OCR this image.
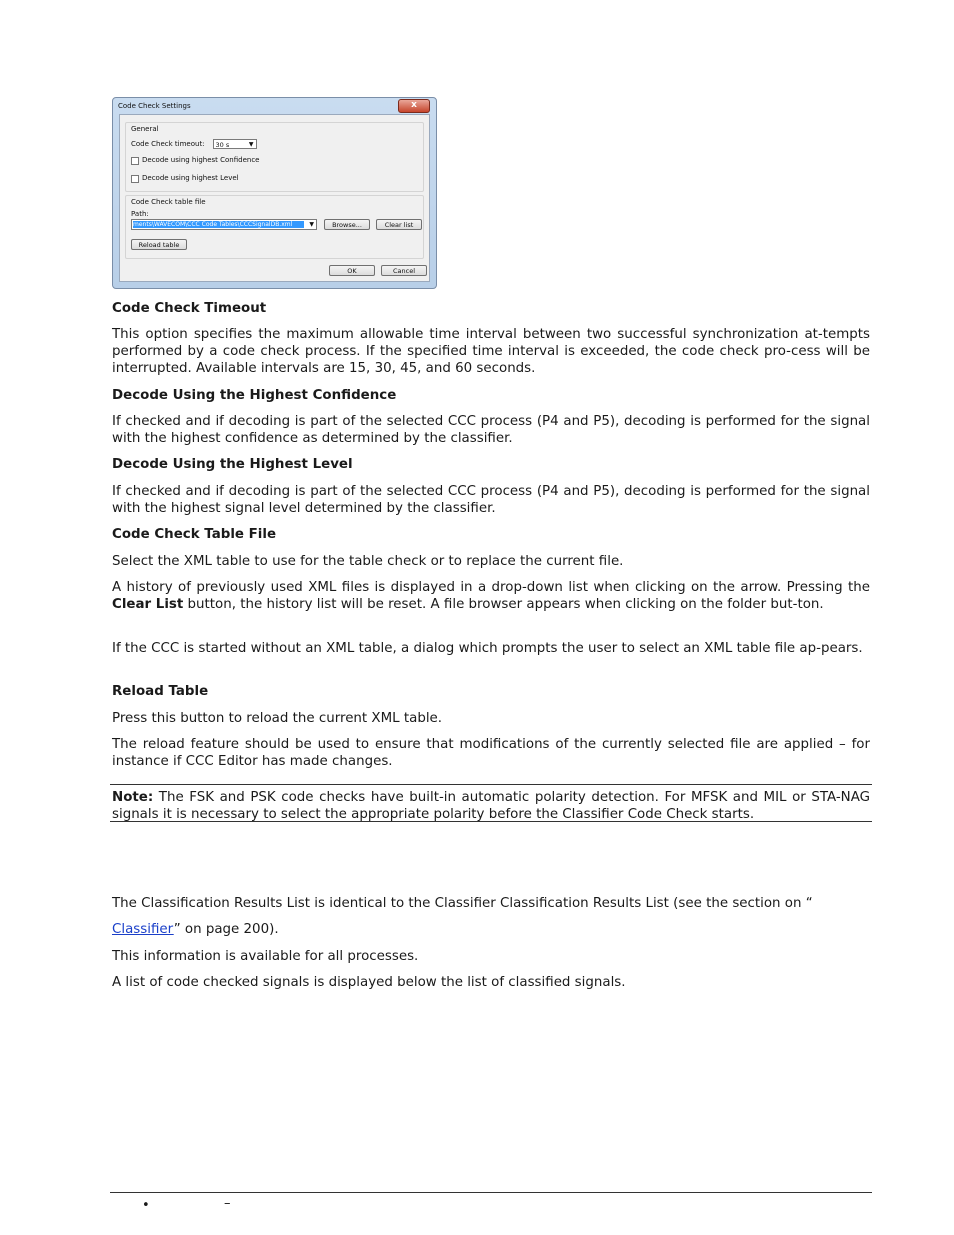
Code Check Settings	x
General
Code Check timeout:	30 s	▼
Decode using highest Confidence
Decode using highest Level
Code Check table file
Path:
ments\WAVECOM\CCC Code Tables\CCCSignalDB.xml	▼	Browse...	Clear list
Reload table
OK	Cancel
Code Check Timeout

This option specifies the maximum allowable time interval between two successful synchronization at-tempts performed by a code check process. If the specified time interval is exceeded, the code check pro-cess will be interrupted. Available intervals are 15, 30, 45, and 60 seconds.

Decode Using the Highest Confidence

If checked and if decoding is part of the selected CCC process (P4 and P5), decoding is performed for the signal with the highest confidence as determined by the classifier.

Decode Using the Highest Level

If checked and if decoding is part of the selected CCC process (P4 and P5), decoding is performed for the signal with the highest signal level determined by the classifier.

Code Check Table File

Select the XML table to use for the table check or to replace the current file.

A history of previously used XML files is displayed in a drop-down list when clicking on the arrow. Pressing the Clear List button, the history list will be reset. A file browser appears when clicking on the folder but-ton.

If the CCC is started without an XML table, a dialog which prompts the user to select an XML table file ap-pears.

Reload Table

Press this button to reload the current XML table.

The reload feature should be used to ensure that modifications of the currently selected file are applied – for instance if CCC Editor has made changes.

The Classification Results List is identical to the Classifier Classification Results List (see the section on “

Classifier” on page 200).

This information is available for all processes.

A list of code checked signals is displayed below the list of classified signals.

Note: The FSK and PSK code checks have built-in automatic polarity detection. For MFSK and MIL or STA-NAG signals it is necessary to select the appropriate polarity before the Classifier Code Check starts.
•	–
